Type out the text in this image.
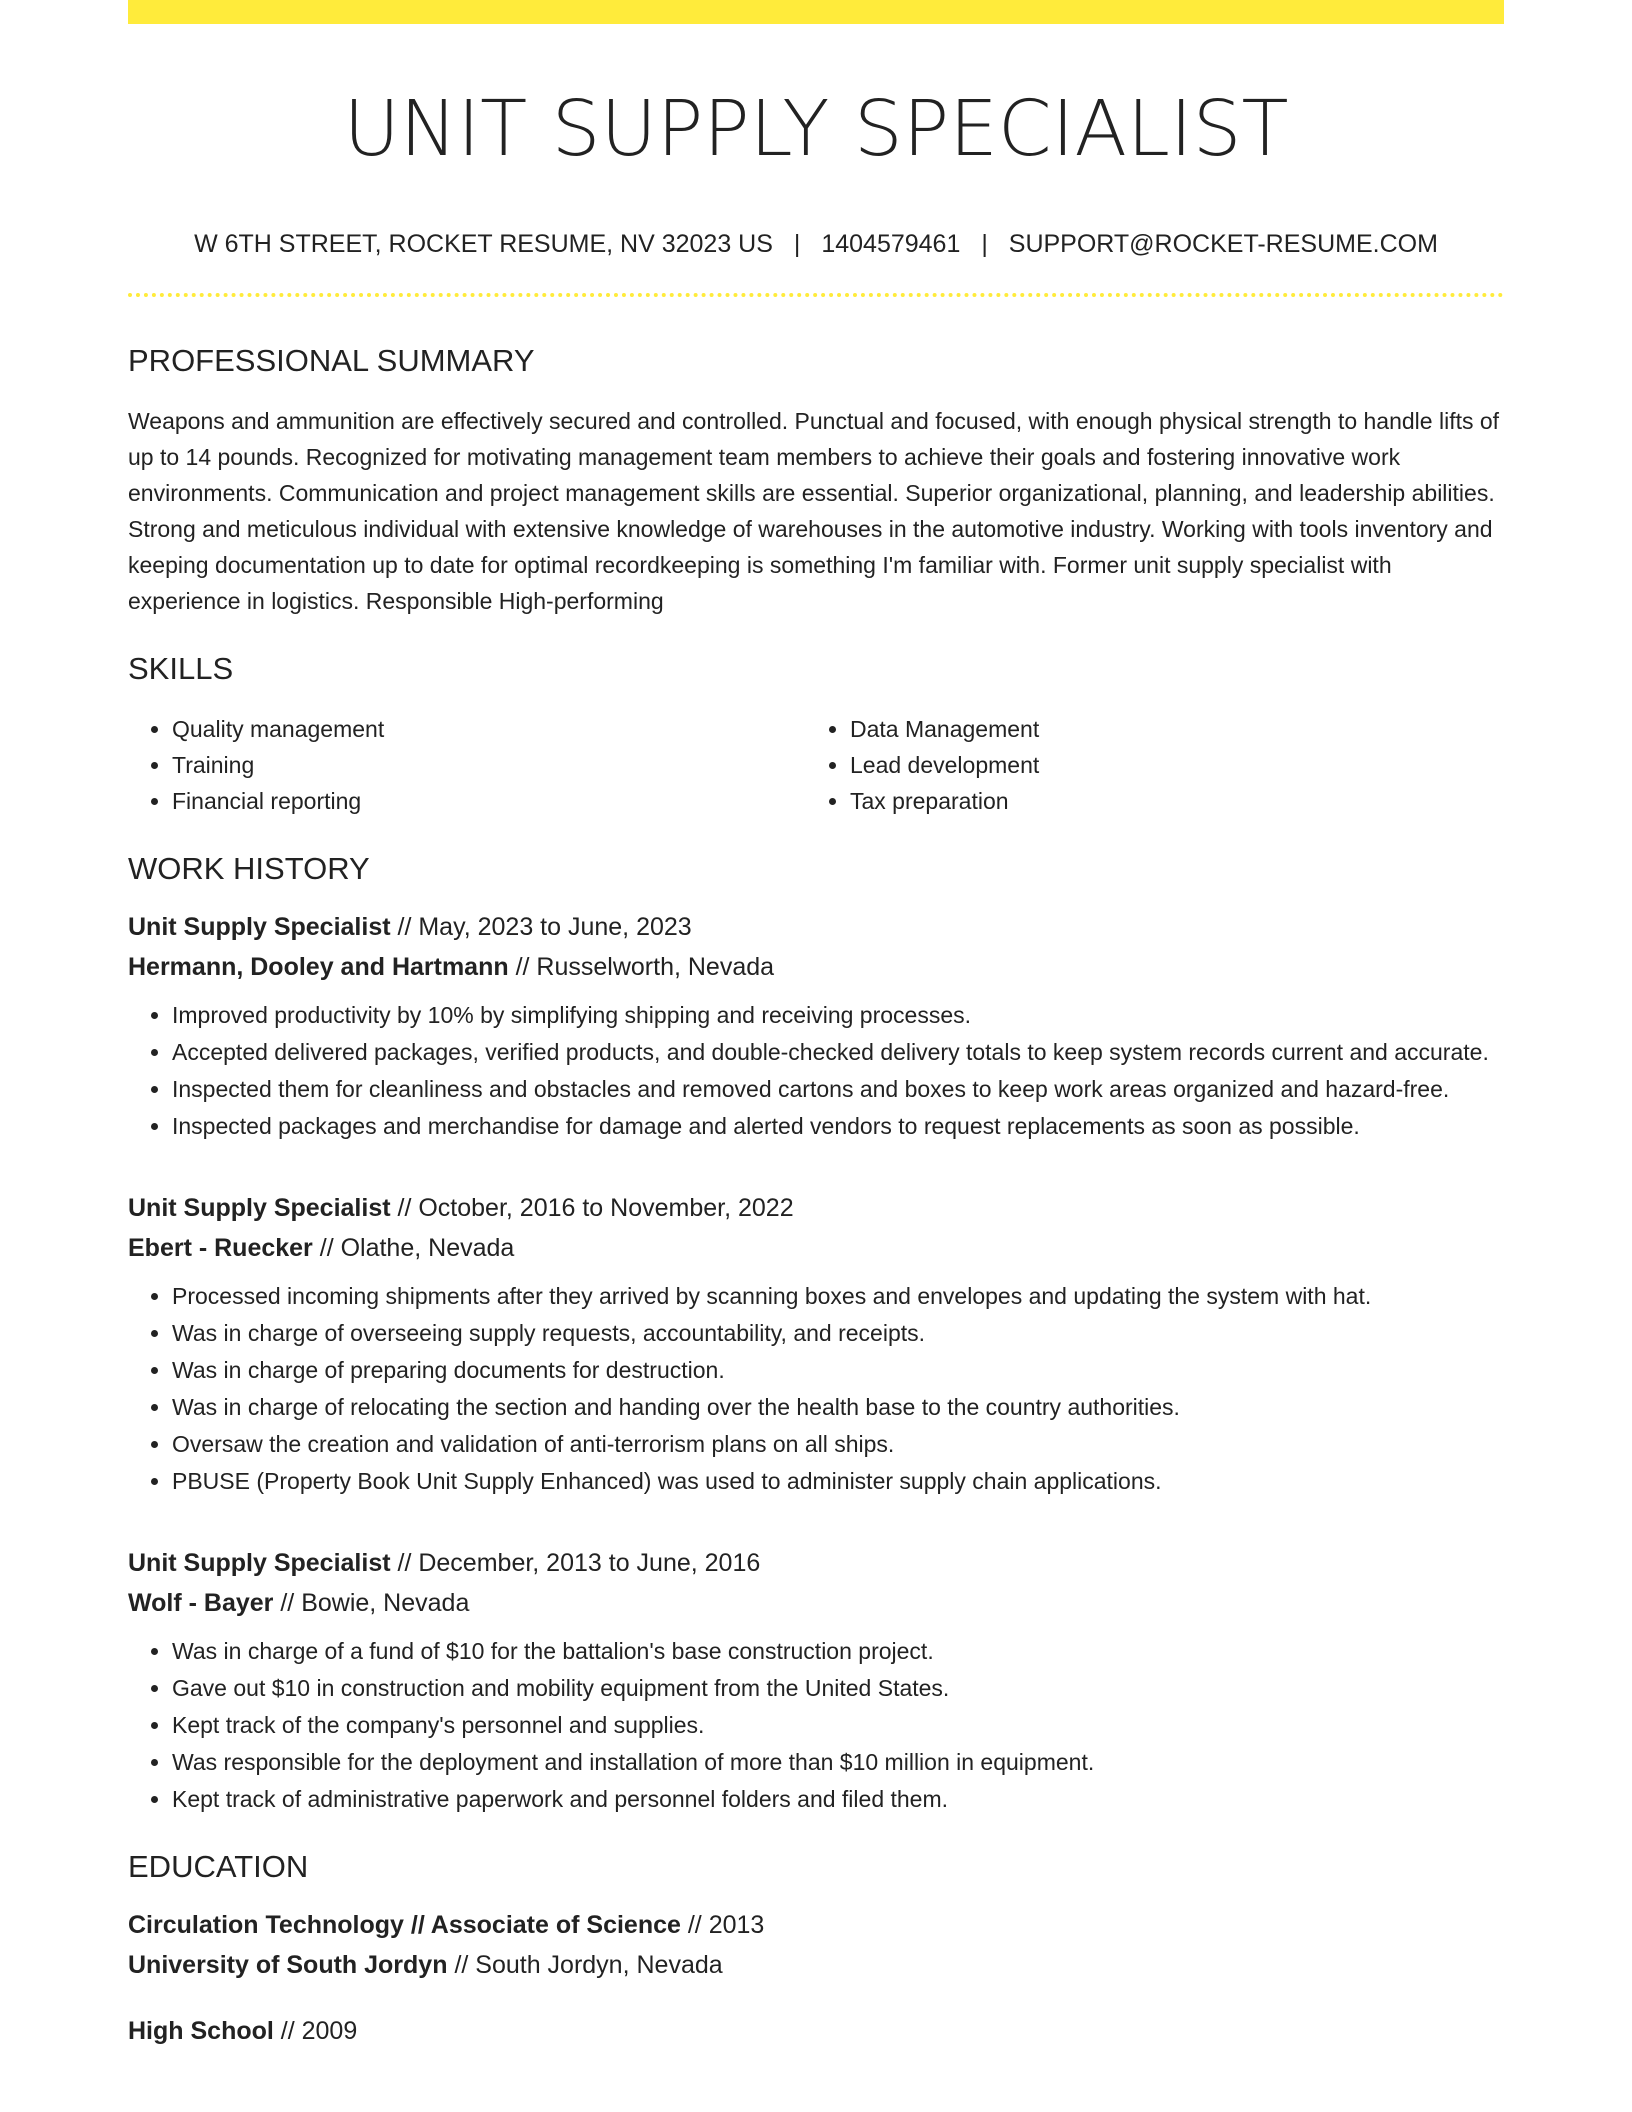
UNIT SUPPLY SPECIALIST
W 6TH STREET, ROCKET RESUME, NV 32023 US | 1404579461 | SUPPORT@ROCKET-RESUME.COM
PROFESSIONAL SUMMARY
Weapons and ammunition are effectively secured and controlled. Punctual and focused, with enough physical strength to handle lifts of up to 14 pounds. Recognized for motivating management team members to achieve their goals and fostering innovative work environments. Communication and project management skills are essential. Superior organizational, planning, and leadership abilities. Strong and meticulous individual with extensive knowledge of warehouses in the automotive industry. Working with tools inventory and keeping documentation up to date for optimal recordkeeping is something I'm familiar with. Former unit supply specialist with experience in logistics. Responsible High-performing
SKILLS
• Quality management
• Training
• Financial reporting
• Data Management
• Lead development
• Tax preparation
WORK HISTORY
Unit Supply Specialist // May, 2023 to June, 2023
Hermann, Dooley and Hartmann // Russelworth, Nevada
• Improved productivity by 10% by simplifying shipping and receiving processes.
• Accepted delivered packages, verified products, and double-checked delivery totals to keep system records current and accurate.
• Inspected them for cleanliness and obstacles and removed cartons and boxes to keep work areas organized and hazard-free.
• Inspected packages and merchandise for damage and alerted vendors to request replacements as soon as possible.
Unit Supply Specialist // October, 2016 to November, 2022
Ebert - Ruecker // Olathe, Nevada
• Processed incoming shipments after they arrived by scanning boxes and envelopes and updating the system with hat.
• Was in charge of overseeing supply requests, accountability, and receipts.
• Was in charge of preparing documents for destruction.
• Was in charge of relocating the section and handing over the health base to the country authorities.
• Oversaw the creation and validation of anti-terrorism plans on all ships.
• PBUSE (Property Book Unit Supply Enhanced) was used to administer supply chain applications.
Unit Supply Specialist // December, 2013 to June, 2016
Wolf - Bayer // Bowie, Nevada
• Was in charge of a fund of $10 for the battalion's base construction project.
• Gave out $10 in construction and mobility equipment from the United States.
• Kept track of the company's personnel and supplies.
• Was responsible for the deployment and installation of more than $10 million in equipment.
• Kept track of administrative paperwork and personnel folders and filed them.
EDUCATION
Circulation Technology // Associate of Science // 2013
University of South Jordyn // South Jordyn, Nevada
High School // 2009
